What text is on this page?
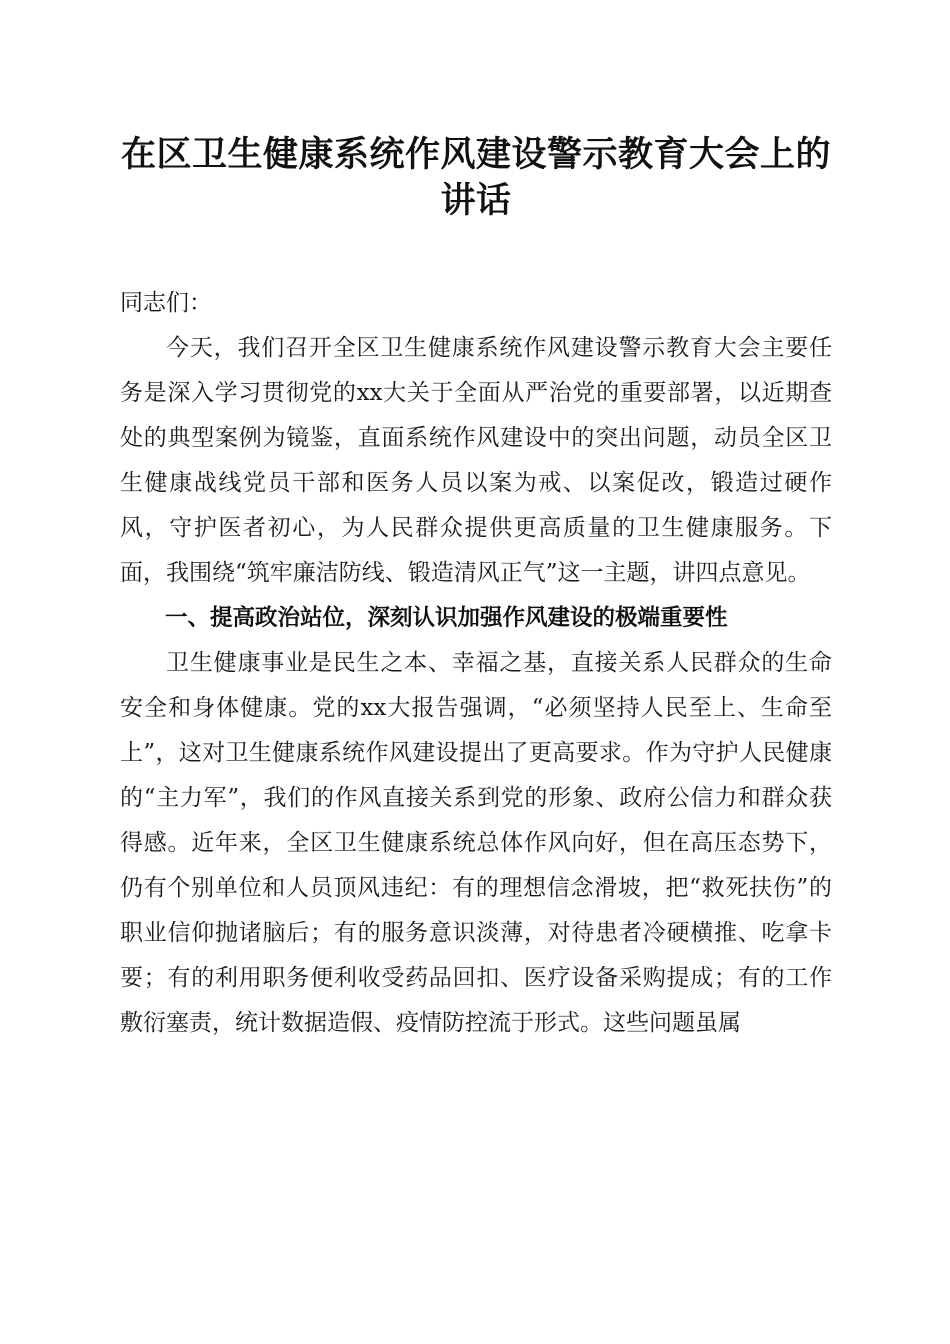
在区卫生健康系统作风建设警示教育大会上的
讲话

同志们：

今天，我们召开全区卫生健康系统作风建设警示教育大会主要任务是深入学习贯彻党的xx大关于全面从严治党的重要部署，以近期查处的典型案例为镜鉴，直面系统作风建设中的突出问题，动员全区卫生健康战线党员干部和医务人员以案为戒、以案促改，锻造过硬作风，守护医者初心，为人民群众提供更高质量的卫生健康服务。下面，我围绕“筑牢廉洁防线、锻造清风正气”这一主题，讲四点意见。

一、提高政治站位，深刻认识加强作风建设的极端重要性

卫生健康事业是民生之本、幸福之基，直接关系人民群众的生命安全和身体健康。党的xx大报告强调，“必须坚持人民至上、生命至上”，这对卫生健康系统作风建设提出了更高要求。作为守护人民健康的“主力军”，我们的作风直接关系到党的形象、政府公信力和群众获得感。近年来，全区卫生健康系统总体作风向好，但在高压态势下，仍有个别单位和人员顶风违纪：有的理想信念滑坡，把“救死扶伤”的职业信仰抛诸脑后；有的服务意识淡薄，对待患者冷硬横推、吃拿卡要；有的利用职务便利收受药品回扣、医疗设备采购提成；有的工作敷衍塞责，统计数据造假、疫情防控流于形式。这些问题虽属
